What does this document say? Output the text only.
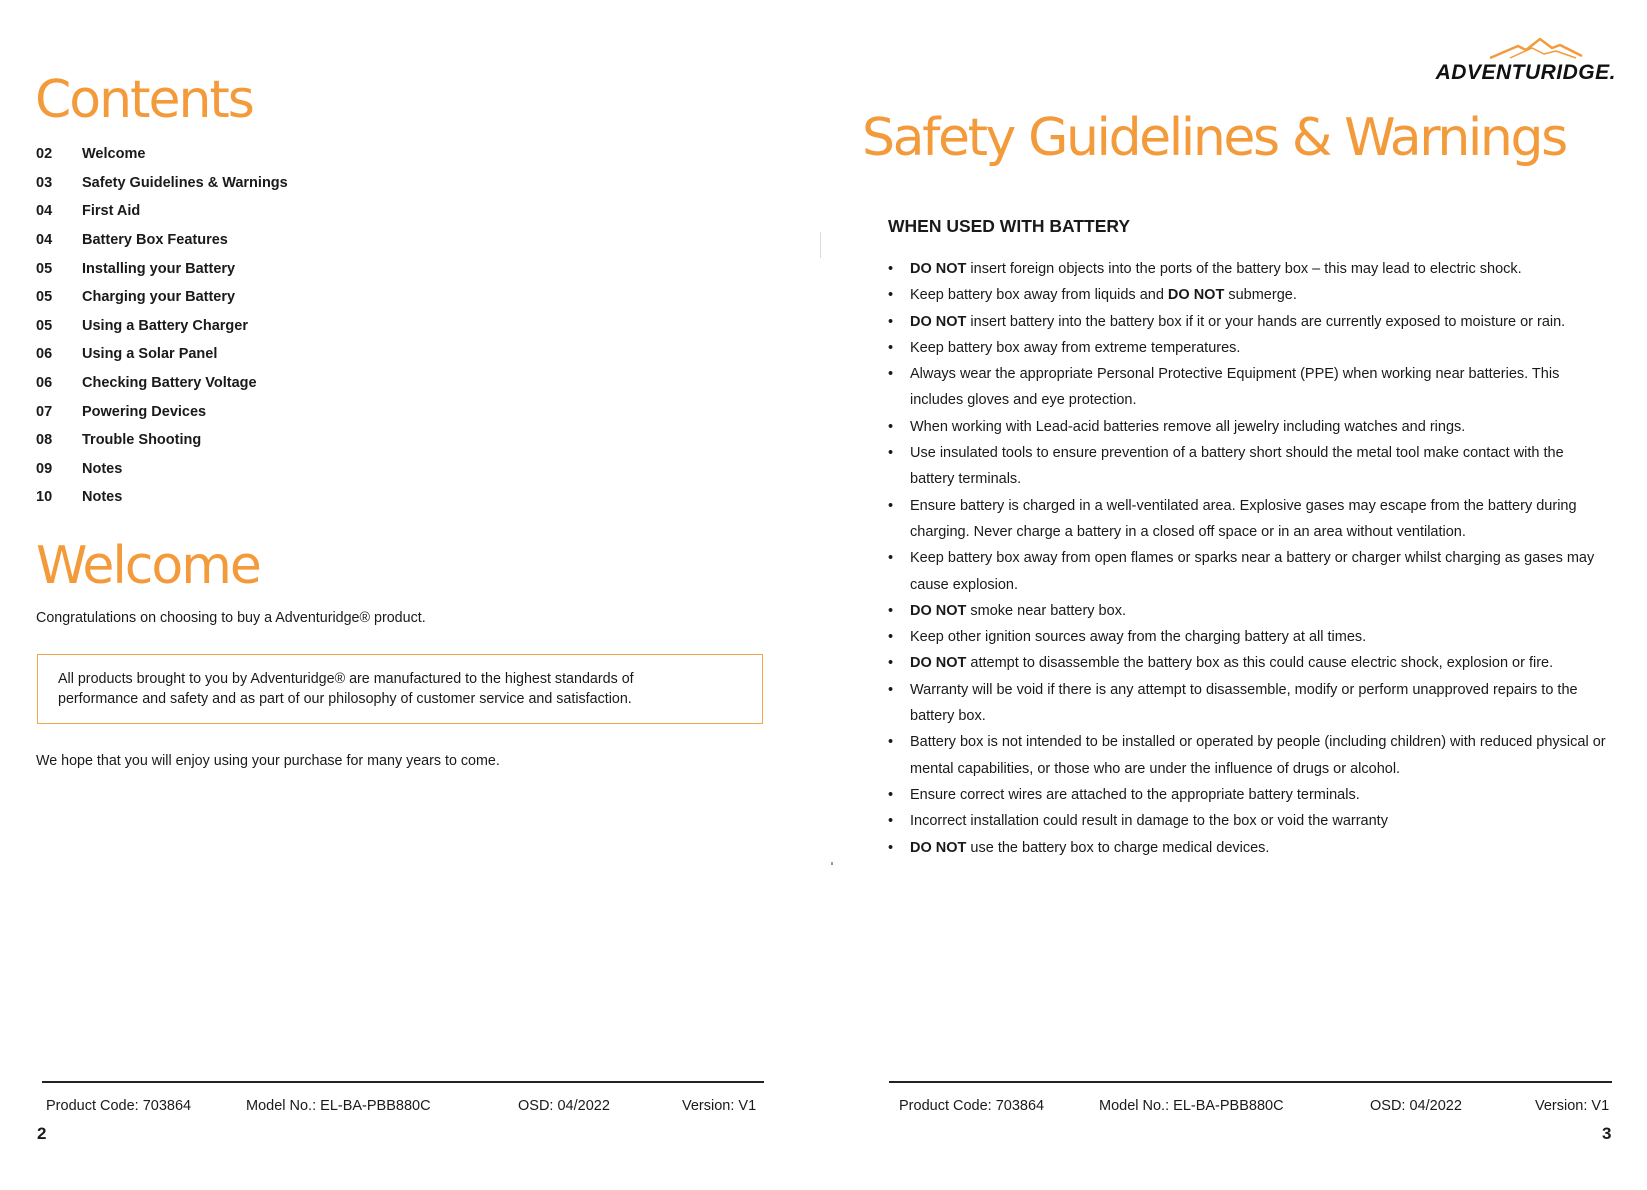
Contents
02	Welcome
03	Safety Guidelines & Warnings
04	First Aid
04	Battery Box Features
05	Installing your Battery
05	Charging your Battery
05	Using a Battery Charger
06	Using a Solar Panel
06	Checking Battery Voltage
07	Powering Devices
08	Trouble Shooting
09	Notes
10	Notes
Welcome
Congratulations on choosing to buy a Adventuridge® product.
All products brought to you by Adventuridge® are manufactured to the highest standards of
performance and safety and as part of our philosophy of customer service and satisfaction.
We hope that you will enjoy using your purchase for many years to come.
Product Code: 703864	Model No.: EL-BA-PBB880C	OSD: 04/2022	Version: V1
2
ADVENTURIDGE.
Safety Guidelines & Warnings
WHEN USED WITH BATTERY
• DO NOT insert foreign objects into the ports of the battery box – this may lead to electric shock.
• Keep battery box away from liquids and DO NOT submerge.
• DO NOT insert battery into the battery box if it or your hands are currently exposed to moisture or rain.
• Keep battery box away from extreme temperatures.
• Always wear the appropriate Personal Protective Equipment (PPE) when working near batteries. This includes gloves and eye protection.
• When working with Lead-acid batteries remove all jewelry including watches and rings.
• Use insulated tools to ensure prevention of a battery short should the metal tool make contact with the battery terminals.
• Ensure battery is charged in a well-ventilated area. Explosive gases may escape from the battery during charging. Never charge a battery in a closed off space or in an area without ventilation.
• Keep battery box away from open flames or sparks near a battery or charger whilst charging as gases may cause explosion.
• DO NOT smoke near battery box.
• Keep other ignition sources away from the charging battery at all times.
• DO NOT attempt to disassemble the battery box as this could cause electric shock, explosion or fire.
• Warranty will be void if there is any attempt to disassemble, modify or perform unapproved repairs to the battery box.
• Battery box is not intended to be installed or operated by people (including children) with reduced physical or mental capabilities, or those who are under the influence of drugs or alcohol.
• Ensure correct wires are attached to the appropriate battery terminals.
• Incorrect installation could result in damage to the box or void the warranty
• DO NOT use the battery box to charge medical devices.
Product Code: 703864	Model No.: EL-BA-PBB880C	OSD: 04/2022	Version: V1
3
